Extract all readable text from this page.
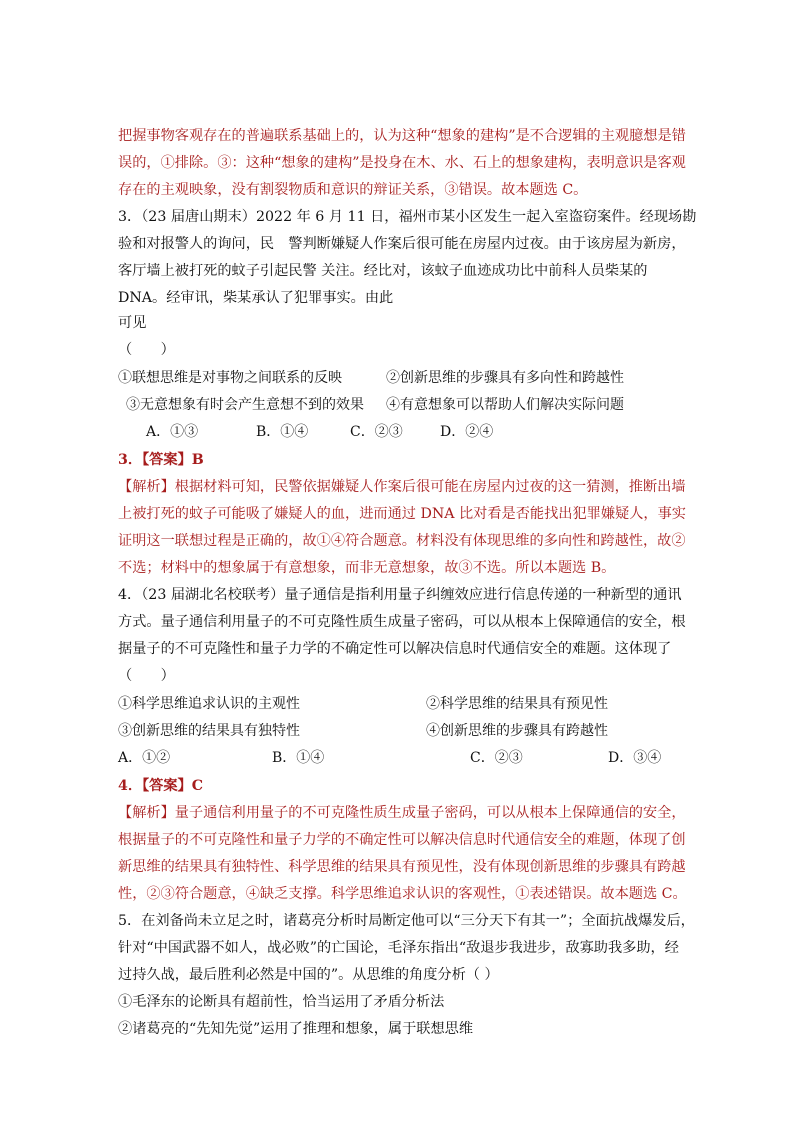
把握事物客观存在的普遍联系基础上的，认为这种“想象的建构”是不合逻辑的主观臆想是错
误的，①排除。③：这种“想象的建构”是投身在木、水、石上的想象建构，表明意识是客观
存在的主观映象，没有割裂物质和意识的辩证关系，③错误。故本题选 C。
3．（23 届唐山期末）2022 年 6 月 11 日，福州市某小区发生一起入室盗窃案件。经现场勘
验和对报警人的询问，民　警判断嫌疑人作案后很可能在房屋内过夜。由于该房屋为新房，
客厅墙上被打死的蚊子引起民警 关注。经比对，该蚊子血迹成功比中前科人员柴某的
DNA。经审讯，柴某承认了犯罪事实。由此
可见
（　　）
①联想思维是对事物之间联系的反映	②创新思维的步骤具有多向性和跨越性
③无意想象有时会产生意想不到的效果 ④有意想象可以帮助人们解决实际问题
A．①③	B．①④	C．②③	D．②④
3．【答案】B
【解析】根据材料可知，民警依据嫌疑人作案后很可能在房屋内过夜的这一猜测，推断出墙
上被打死的蚊子可能吸了嫌疑人的血，进而通过 DNA 比对看是否能找出犯罪嫌疑人，事实
证明这一联想过程是正确的，故①④符合题意。材料没有体现思维的多向性和跨越性，故②
不选；材料中的想象属于有意想象，而非无意想象，故③不选。所以本题选 B。
4．（23 届湖北名校联考）量子通信是指利用量子纠缠效应进行信息传递的一种新型的通讯
方式。量子通信利用量子的不可克隆性质生成量子密码，可以从根本上保障通信的安全，根
据量子的不可克隆性和量子力学的不确定性可以解决信息时代通信安全的难题。这体现了
（　　）
①科学思维追求认识的主观性	②科学思维的结果具有预见性
③创新思维的结果具有独特性	④创新思维的步骤具有跨越性
A．①②	B．①④	C．②③	D．③④
4．【答案】C
【解析】量子通信利用量子的不可克隆性质生成量子密码，可以从根本上保障通信的安全，
根据量子的不可克隆性和量子力学的不确定性可以解决信息时代通信安全的难题，体现了创
新思维的结果具有独特性、科学思维的结果具有预见性，没有体现创新思维的步骤具有跨越
性，②③符合题意，④缺乏支撑。科学思维追求认识的客观性，①表述错误。故本题选 C。
5．在刘备尚未立足之时，诸葛亮分析时局断定他可以“三分天下有其一”；全面抗战爆发后，
针对“中国武器不如人，战必败”的亡国论，毛泽东指出“敌退步我进步，敌寡助我多助，经
过持久战，最后胜利必然是中国的”。从思维的角度分析（ ）
①毛泽东的论断具有超前性，恰当运用了矛盾分析法
②诸葛亮的“先知先觉”运用了推理和想象，属于联想思维
